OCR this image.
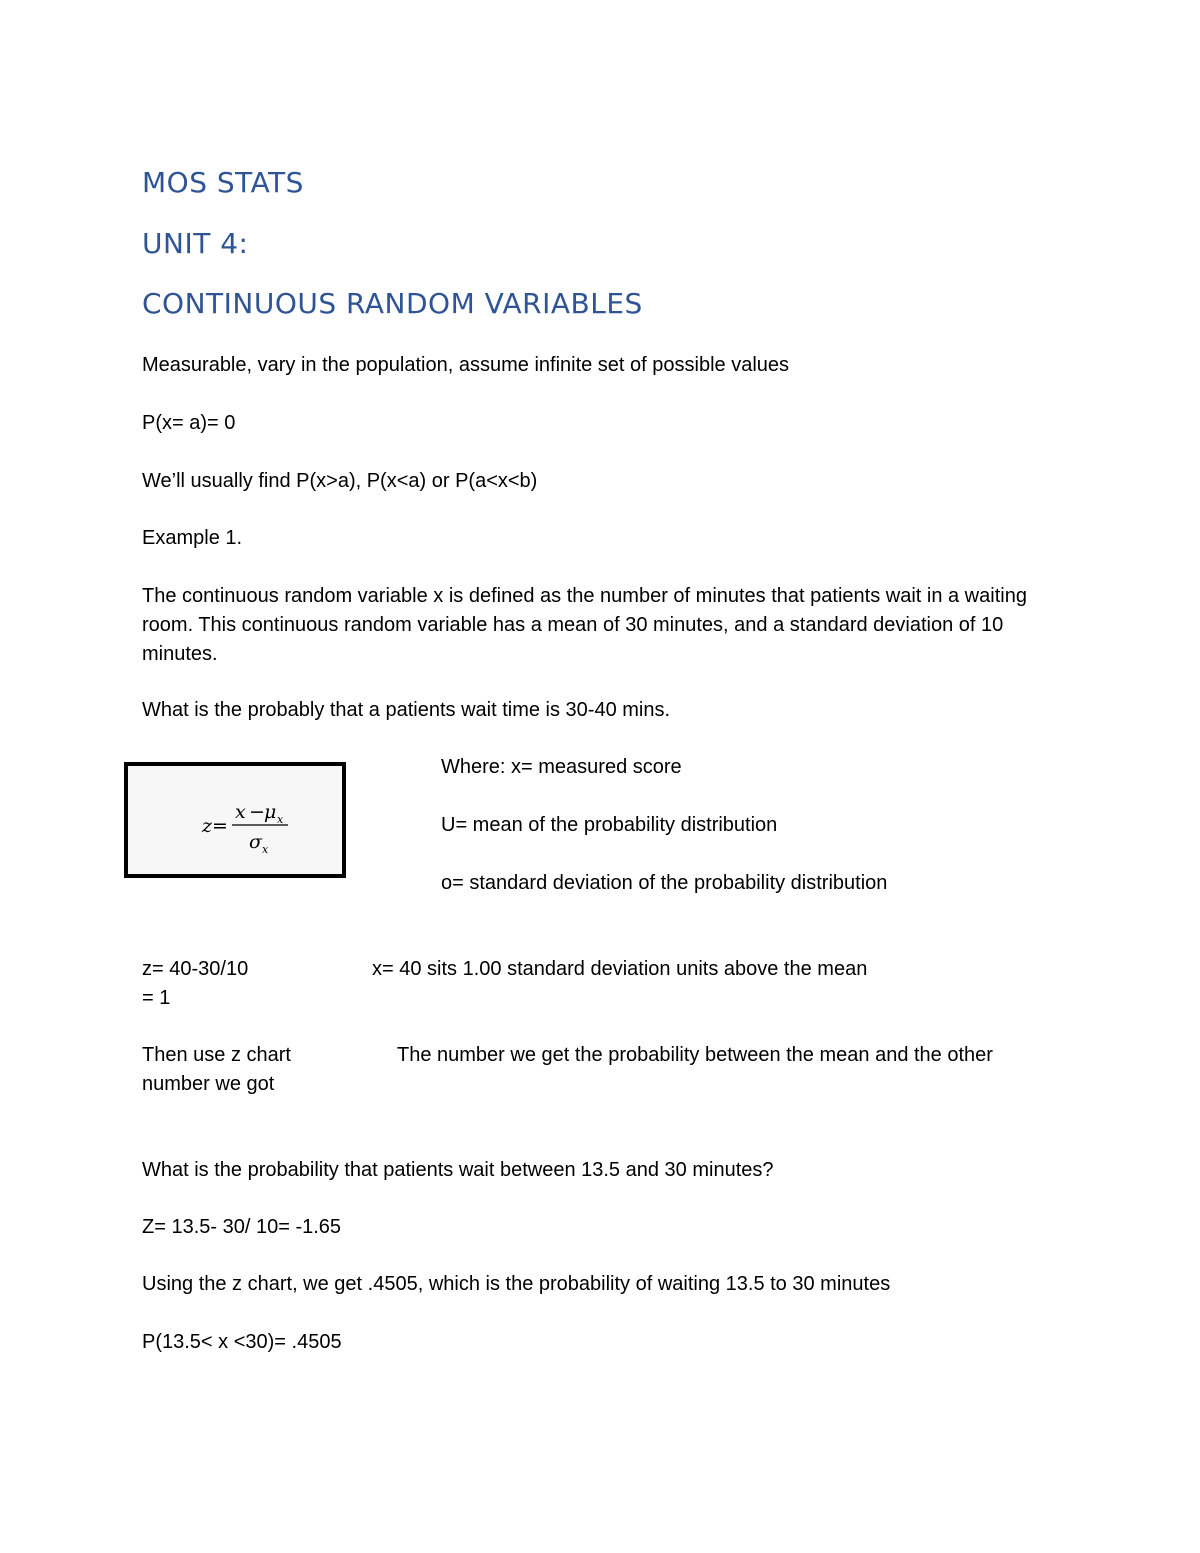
MOS STATS
UNIT 4:
CONTINUOUS RANDOM VARIABLES
Measurable, vary in the population, assume infinite set of possible values
P(x= a)= 0
We’ll usually find P(x>a), P(x<a) or P(a<x<b)
Example 1.
The continuous random variable x is defined as the number of minutes that patients wait in a waiting room. This continuous random variable has a mean of 30 minutes, and a standard deviation of 10 minutes.
What is the probably that a patients wait time is 30-40 mins.
z=
x − μ x
σ x
Where: x= measured score
U= mean of the probability distribution
o= standard deviation of the probability distribution
z= 40-30/10
= 1
x= 40 sits 1.00 standard deviation units above the mean
Then use z chart
number we got
The number we get the probability between the mean and the other
What is the probability that patients wait between 13.5 and 30 minutes?
Z= 13.5- 30/ 10= -1.65
Using the z chart, we get .4505, which is the probability of waiting 13.5 to 30 minutes
P(13.5< x <30)= .4505
